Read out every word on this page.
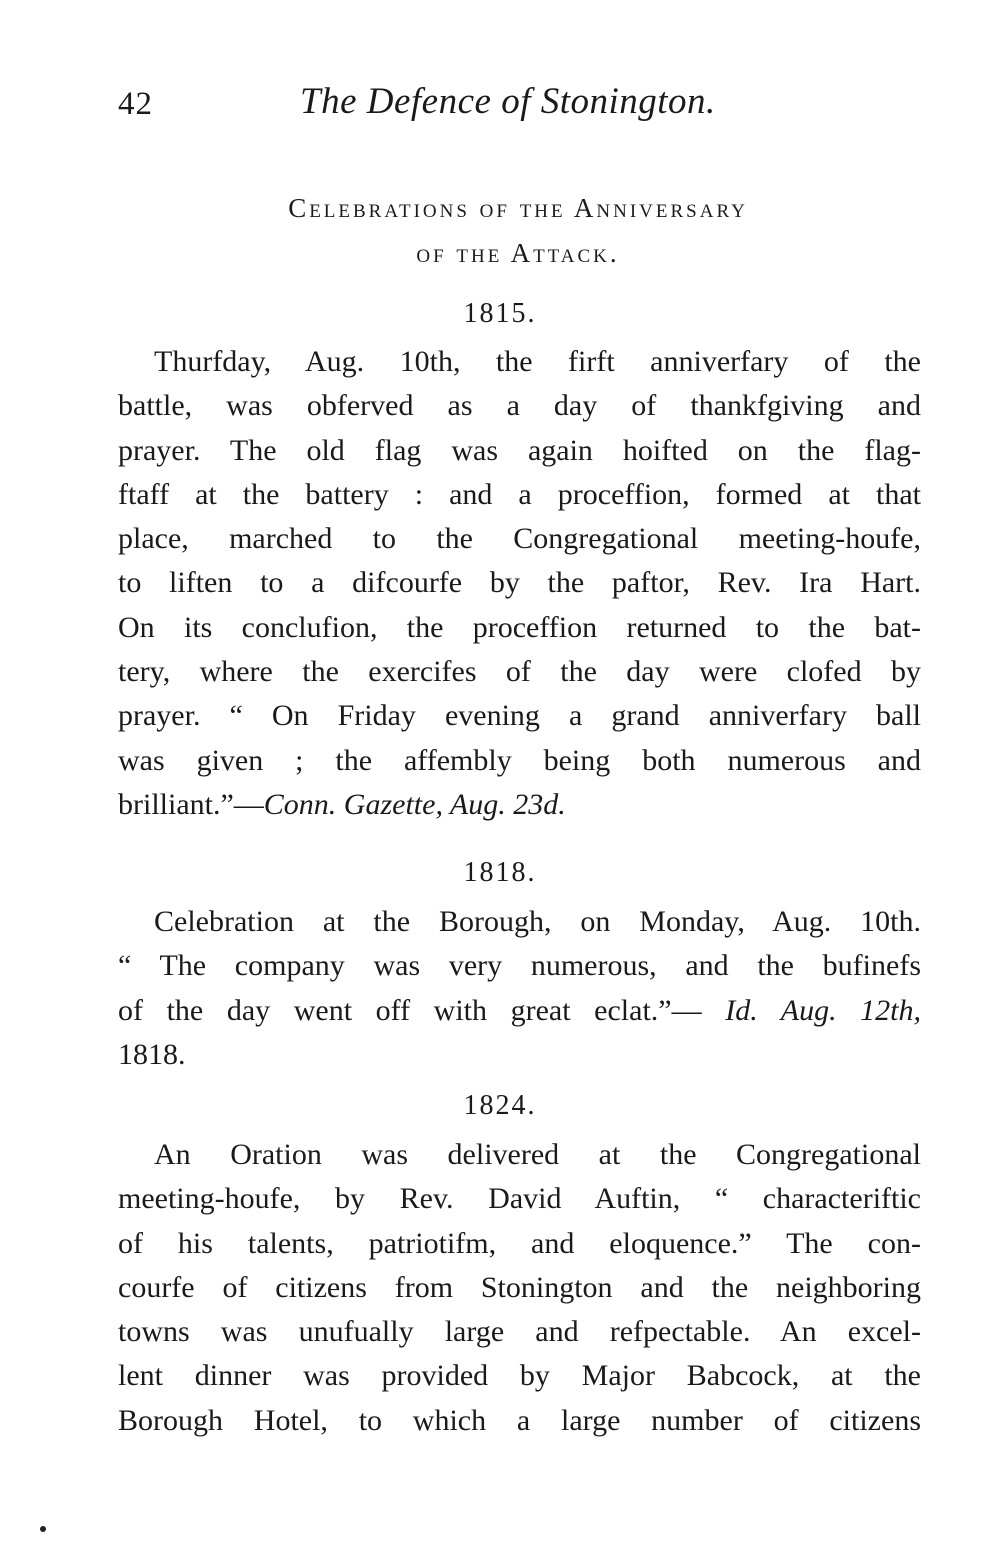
42	The Defence of Stonington.
Celebrations of the Anniversary
of the Attack.
1815.
Thurfday, Aug. 10th, the firft anniverfary of the
battle, was obferved as a day of thankfgiving and
prayer. The old flag was again hoifted on the flag-
ftaff at the battery : and a proceffion, formed at that
place, marched to the Congregational meeting-houfe,
to liften to a difcourfe by the paftor, Rev. Ira Hart.
On its conclufion, the proceffion returned to the bat-
tery, where the exercifes of the day were clofed by
prayer. “ On Friday evening a grand anniverfary ball
was given ; the affembly being both numerous and
brilliant.”—Conn. Gazette, Aug. 23d.
1818.
Celebration at the Borough, on Monday, Aug. 10th.
“ The company was very numerous, and the bufinefs
of the day went off with great eclat.”— Id. Aug. 12th,
1818.
1824.
An Oration was delivered at the Congregational
meeting-houfe, by Rev. David Auftin, “ characteriftic
of his talents, patriotifm, and eloquence.” The con-
courfe of citizens from Stonington and the neighboring
towns was unufually large and refpectable. An excel-
lent dinner was provided by Major Babcock, at the
Borough Hotel, to which a large number of citizens
